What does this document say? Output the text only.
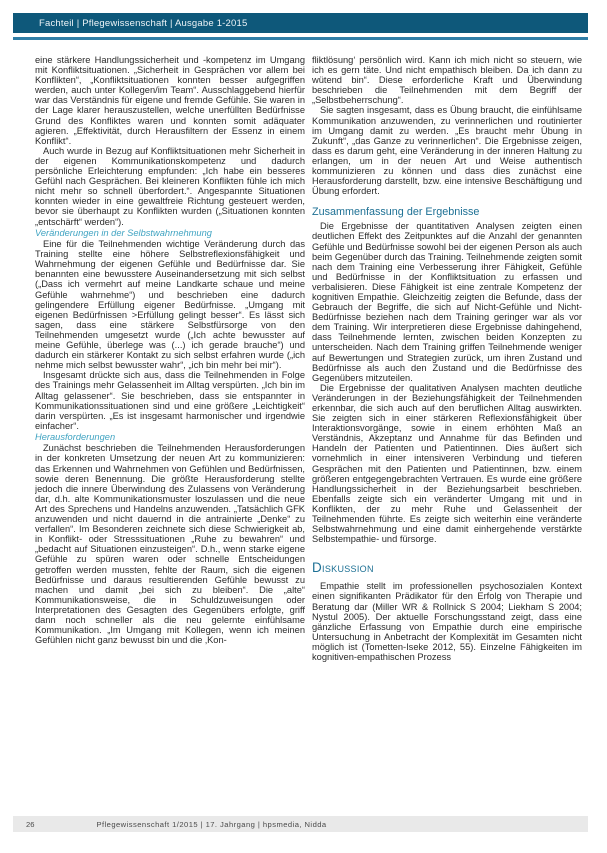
Fachteil | Pflegewissenschaft | Ausgabe 1-2015

eine stärkere Handlungssicherheit und -kompetenz im Umgang mit Konfliktsituationen. „Sicherheit in Gesprächen vor allem bei Konflikten“, „Konfliktsituationen konnten besser aufgegriffen werden, auch unter Kollegen/im Team“. Ausschlaggebend hierfür war das Verständnis für eigene und fremde Gefühle. Sie waren in der Lage klarer herauszustellen, welche unerfüllten Bedürfnisse Grund des Konfliktes waren und konnten somit adäquater agieren. „Effektivität, durch Herausfiltern der Essenz in einem Konflikt“.

Auch wurde in Bezug auf Konfliktsituationen mehr Sicherheit in der eigenen Kommunikationskompetenz und dadurch persönliche Erleichterung empfunden: „Ich habe ein besseres Gefühl nach Gesprächen. Bei kleineren Konflikten fühle ich mich nicht mehr so schnell überfordert.“. Angespannte Situationen konnten wieder in eine gewaltfreie Richtung gesteuert werden, bevor sie überhaupt zu Konflikten wurden („Situationen konnten „entschärft“ werden“).

Veränderungen in der Selbstwahrnehmung

Eine für die Teilnehmenden wichtige Veränderung durch das Training stellte eine höhere Selbstreflexionsfähigkeit und Wahrnehmung der eigenen Gefühle und Bedürfnisse dar. Sie benannten eine bewusstere Auseinandersetzung mit sich selbst („Dass ich vermehrt auf meine Landkarte schaue und meine Gefühle wahrnehme“) und beschrieben eine dadurch gelingendere Erfüllung eigener Bedürfnisse. „Umgang mit eigenen Bedürfnissen >Erfüllung gelingt besser“. Es lässt sich sagen, dass eine stärkere Selbstfürsorge von den Teilnehmenden umgesetzt wurde („Ich achte bewusster auf meine Gefühle, überlege was (...) ich gerade brauche“) und dadurch ein stärkerer Kontakt zu sich selbst erfahren wurde („ich nehme mich selbst bewusster wahr“, „ich bin mehr bei mir“).

Insgesamt drückte sich aus, dass die Teilnehmenden in Folge des Trainings mehr Gelassenheit im Alltag verspürten. „Ich bin im Alltag gelassener“. Sie beschrieben, dass sie entspannter in Kommunikationssituationen sind und eine größere „Leichtigkeit“ darin verspürten. „Es ist insgesamt harmonischer und irgendwie einfacher“.

Herausforderungen

Zunächst beschrieben die Teilnehmenden Herausforderungen in der konkreten Umsetzung der neuen Art zu kommunizieren: das Erkennen und Wahrnehmen von Gefühlen und Bedürfnissen, sowie deren Benennung. Die größte Herausforderung stellte jedoch die innere Überwindung des Zulassens von Veränderung dar, d.h. alte Kommunikationsmuster loszulassen und die neue Art des Sprechens und Handelns anzuwenden. „Tatsächlich GFK anzuwenden und nicht dauernd in die antrainierte „Denke“ zu verfallen“. Im Besonderen zeichnete sich diese Schwierigkeit ab, in Konflikt- oder Stresssituationen „Ruhe zu bewahren“ und „bedacht auf Situationen einzusteigen“. D.h., wenn starke eigene Gefühle zu spüren waren oder schnelle Entscheidungen getroffen werden mussten, fehlte der Raum, sich die eigenen Bedürfnisse und daraus resultierenden Gefühle bewusst zu machen und damit „bei sich zu bleiben“. Die „alte“ Kommunikationsweise, die in Schuldzuweisungen oder Interpretationen des Gesagten des Gegenübers erfolgte, griff dann noch schneller als die neu gelernte einfühlsame Kommunikation. „Im Umgang mit Kollegen, wenn ich meinen Gefühlen nicht ganz bewusst bin und die ‚Kon-

fliktlösung‘ persönlich wird. Kann ich mich nicht so steuern, wie ich es gern täte. Und nicht empathisch bleiben. Da ich dann zu wütend bin“. Diese erforderliche Kraft und Überwindung beschrieben die Teilnehmenden mit dem Begriff der „Selbstbeherrschung“.

Sie sagten insgesamt, dass es Übung braucht, die einfühlsame Kommunikation anzuwenden, zu verinnerlichen und routinierter im Umgang damit zu werden. „Es braucht mehr Übung in Zukunft“, „das Ganze zu verinnerlichen“. Die Ergebnisse zeigen, dass es darum geht, eine Veränderung in der inneren Haltung zu erlangen, um in der neuen Art und Weise authentisch kommunizieren zu können und dass dies zunächst eine Herausforderung darstellt, bzw. eine intensive Beschäftigung und Übung erfordert.

Zusammenfassung der Ergebnisse

Die Ergebnisse der quantitativen Analysen zeigten einen deutlichen Effekt des Zeitpunktes auf die Anzahl der genannten Gefühle und Bedürfnisse sowohl bei der eigenen Person als auch beim Gegenüber durch das Training. Teilnehmende zeigten somit nach dem Training eine Verbesserung ihrer Fähigkeit, Gefühle und Bedürfnisse in der Konfliktsituation zu erfassen und verbalisieren. Diese Fähigkeit ist eine zentrale Kompetenz der kognitiven Empathie. Gleichzeitig zeigten die Befunde, dass der Gebrauch der Begriffe, die sich auf Nicht-Gefühle und Nicht-Bedürfnisse beziehen nach dem Training geringer war als vor dem Training. Wir interpretieren diese Ergebnisse dahingehend, dass Teilnehmende lernten, zwischen beiden Konzepten zu unterscheiden. Nach dem Training griffen Teilnehmende weniger auf Bewertungen und Strategien zurück, um ihren Zustand und Bedürfnisse als auch den Zustand und die Bedürfnisse des Gegenübers mitzuteilen.

Die Ergebnisse der qualitativen Analysen machten deutliche Veränderungen in der Beziehungsfähigkeit der Teilnehmenden erkennbar, die sich auch auf den beruflichen Alltag auswirkten. Sie zeigten sich in einer stärkeren Reflexionsfähigkeit über Interaktionsvorgänge, sowie in einem erhöhten Maß an Verständnis, Akzeptanz und Annahme für das Befinden und Handeln der Patienten und Patientinnen. Dies äußert sich vornehmlich in einer intensiveren Verbindung und tieferen Gesprächen mit den Patienten und Patientinnen, bzw. einem größeren entgegengebrachten Vertrauen. Es wurde eine größere Handlungssicherheit in der Beziehungsarbeit beschrieben. Ebenfalls zeigte sich ein veränderter Umgang mit und in Konflikten, der zu mehr Ruhe und Gelassenheit der Teilnehmenden führte. Es zeigte sich weiterhin eine veränderte Selbstwahrnehmung und eine damit einhergehende verstärkte Selbstempathie- und fürsorge.

Diskussion

Empathie stellt im professionellen psychosozialen Kontext einen signifikanten Prädikator für den Erfolg von Therapie und Beratung dar (Miller WR & Rollnick S 2004; Liekham S 2004; Nystul 2005). Der aktuelle Forschungsstand zeigt, dass eine gänzliche Erfassung von Empathie durch eine empirische Untersuchung in Anbetracht der Komplexität im Gesamten nicht möglich ist (Tometten-Iseke 2012, 55). Einzelne Fähigkeiten im kognitiven-empathischen Prozess

26	Pflegewissenschaft 1/2015 | 17. Jahrgang | hpsmedia, Nidda
